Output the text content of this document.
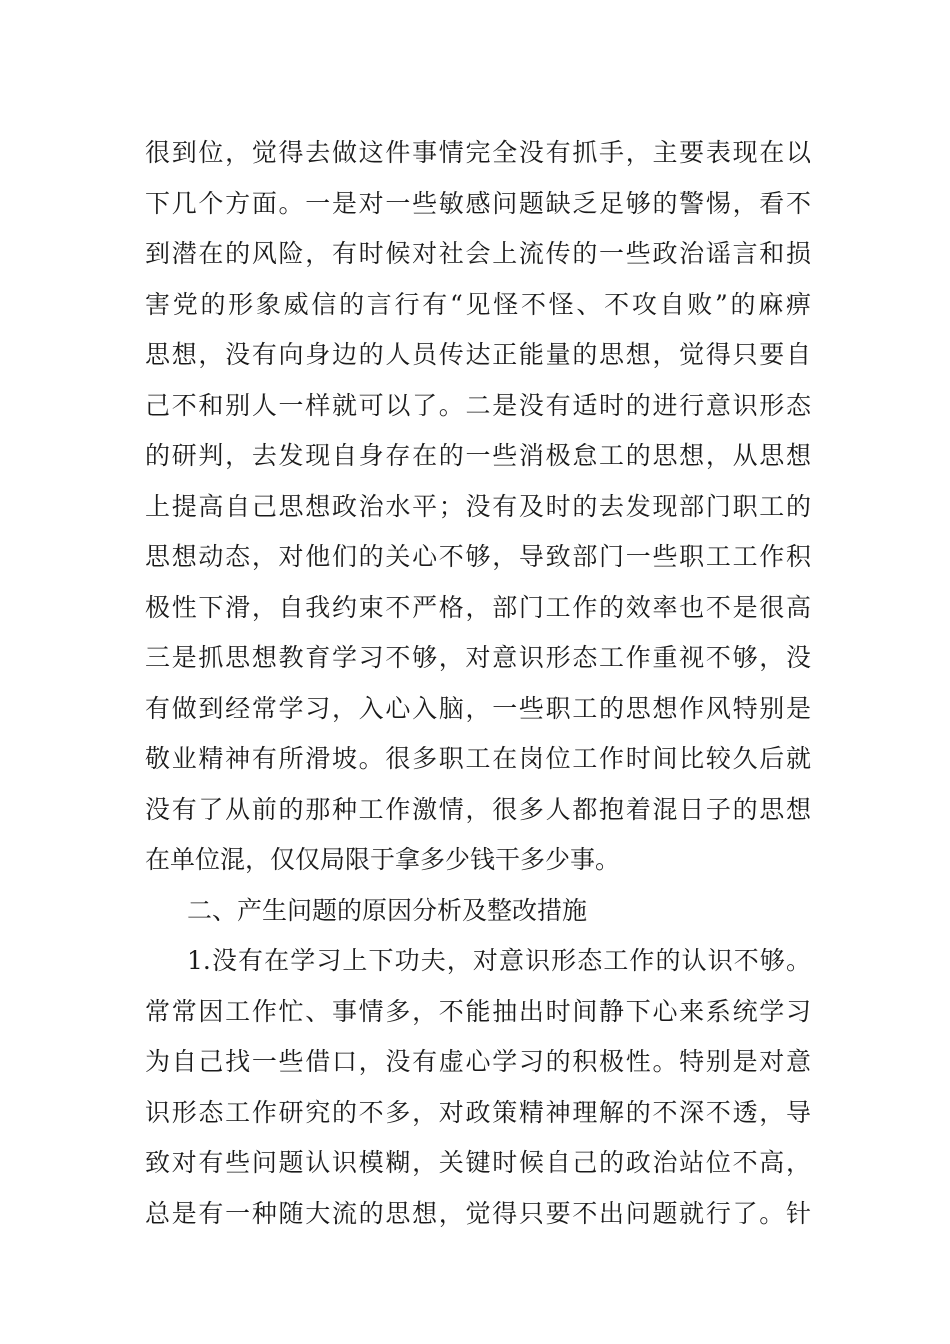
很到位，觉得去做这件事情完全没有抓手，主要表现在以
下几个方面。一是对一些敏感问题缺乏足够的警惕，看不
到潜在的风险，有时候对社会上流传的一些政治谣言和损
害党的形象威信的言行有“见怪不怪、不攻自败”的麻痹
思想，没有向身边的人员传达正能量的思想，觉得只要自
己不和别人一样就可以了。二是没有适时的进行意识形态
的研判，去发现自身存在的一些消极怠工的思想，从思想
上提高自己思想政治水平；没有及时的去发现部门职工的
思想动态，对他们的关心不够，导致部门一些职工工作积
极性下滑，自我约束不严格，部门工作的效率也不是很高
三是抓思想教育学习不够，对意识形态工作重视不够，没
有做到经常学习，入心入脑，一些职工的思想作风特别是
敬业精神有所滑坡。很多职工在岗位工作时间比较久后就
没有了从前的那种工作激情，很多人都抱着混日子的思想
在单位混，仅仅局限于拿多少钱干多少事。
二、产生问题的原因分析及整改措施
1.没有在学习上下功夫，对意识形态工作的认识不够。
常常因工作忙、事情多，不能抽出时间静下心来系统学习
为自己找一些借口，没有虚心学习的积极性。特别是对意
识形态工作研究的不多，对政策精神理解的不深不透，导
致对有些问题认识模糊，关键时候自己的政治站位不高，
总是有一种随大流的思想，觉得只要不出问题就行了。针
